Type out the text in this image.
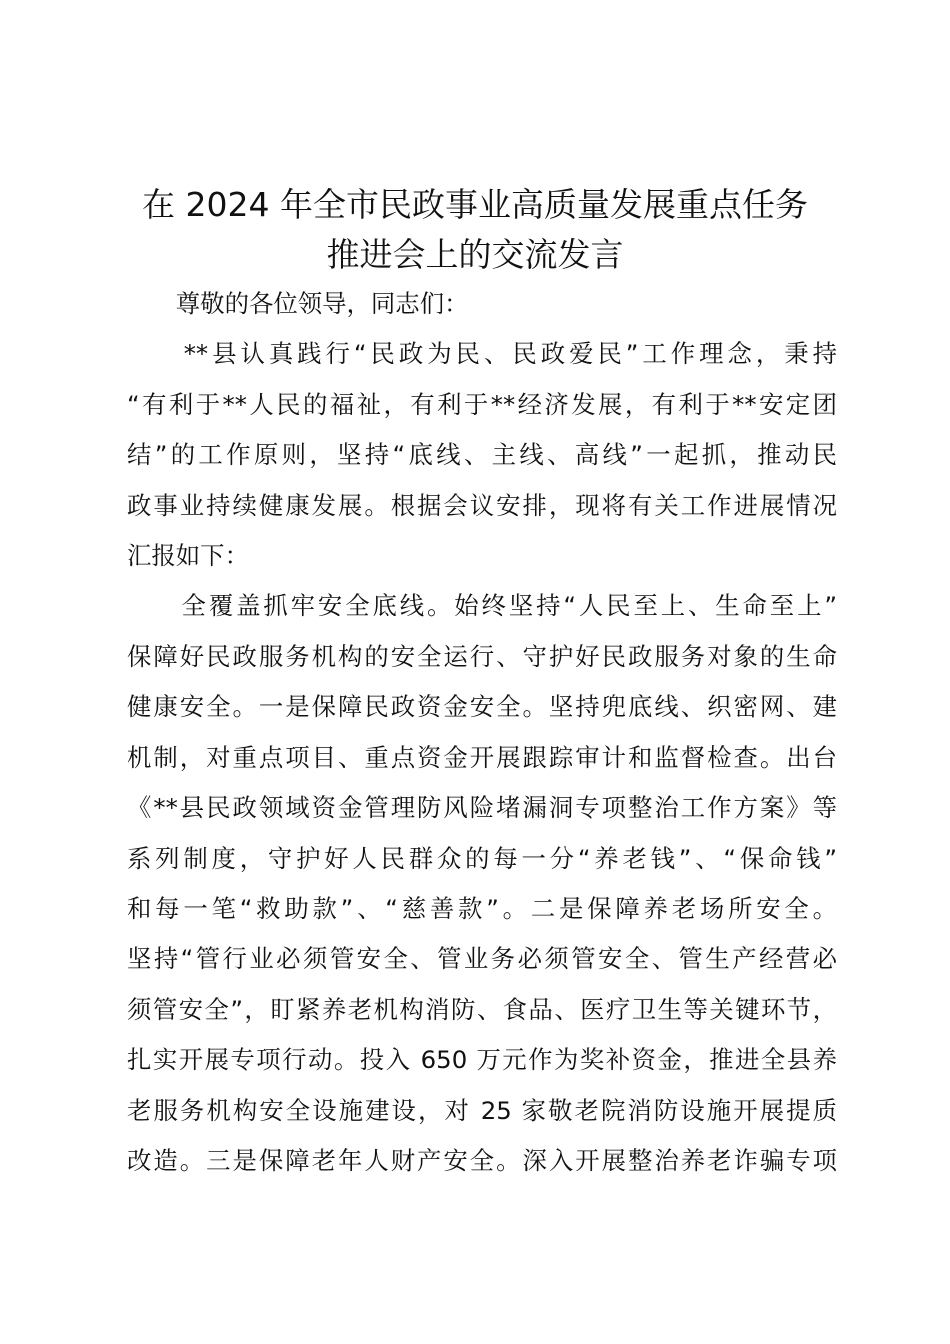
在 2024 年全市民政事业高质量发展重点任务
推进会上的交流发言
　　尊敬的各位领导，同志们：
　　**县认真践行“民政为民、民政爱民”工作理念，秉持
“有利于**人民的福祉，有利于**经济发展，有利于**安定团
结”的工作原则，坚持“底线、主线、高线”一起抓，推动民
政事业持续健康发展。根据会议安排，现将有关工作进展情况
汇报如下：
　　全覆盖抓牢安全底线。始终坚持“人民至上、生命至上”
保障好民政服务机构的安全运行、守护好民政服务对象的生命
健康安全。一是保障民政资金安全。坚持兜底线、织密网、建
机制，对重点项目、重点资金开展跟踪审计和监督检查。出台
《**县民政领域资金管理防风险堵漏洞专项整治工作方案》等
系列制度，守护好人民群众的每一分“养老钱”、“保命钱”
和每一笔“救助款”、“慈善款”。二是保障养老场所安全。
坚持“管行业必须管安全、管业务必须管安全、管生产经营必
须管安全”，盯紧养老机构消防、食品、医疗卫生等关键环节，
扎实开展专项行动。投入 650 万元作为奖补资金，推进全县养
老服务机构安全设施建设，对 25 家敬老院消防设施开展提质
改造。三是保障老年人财产安全。深入开展整治养老诈骗专项
